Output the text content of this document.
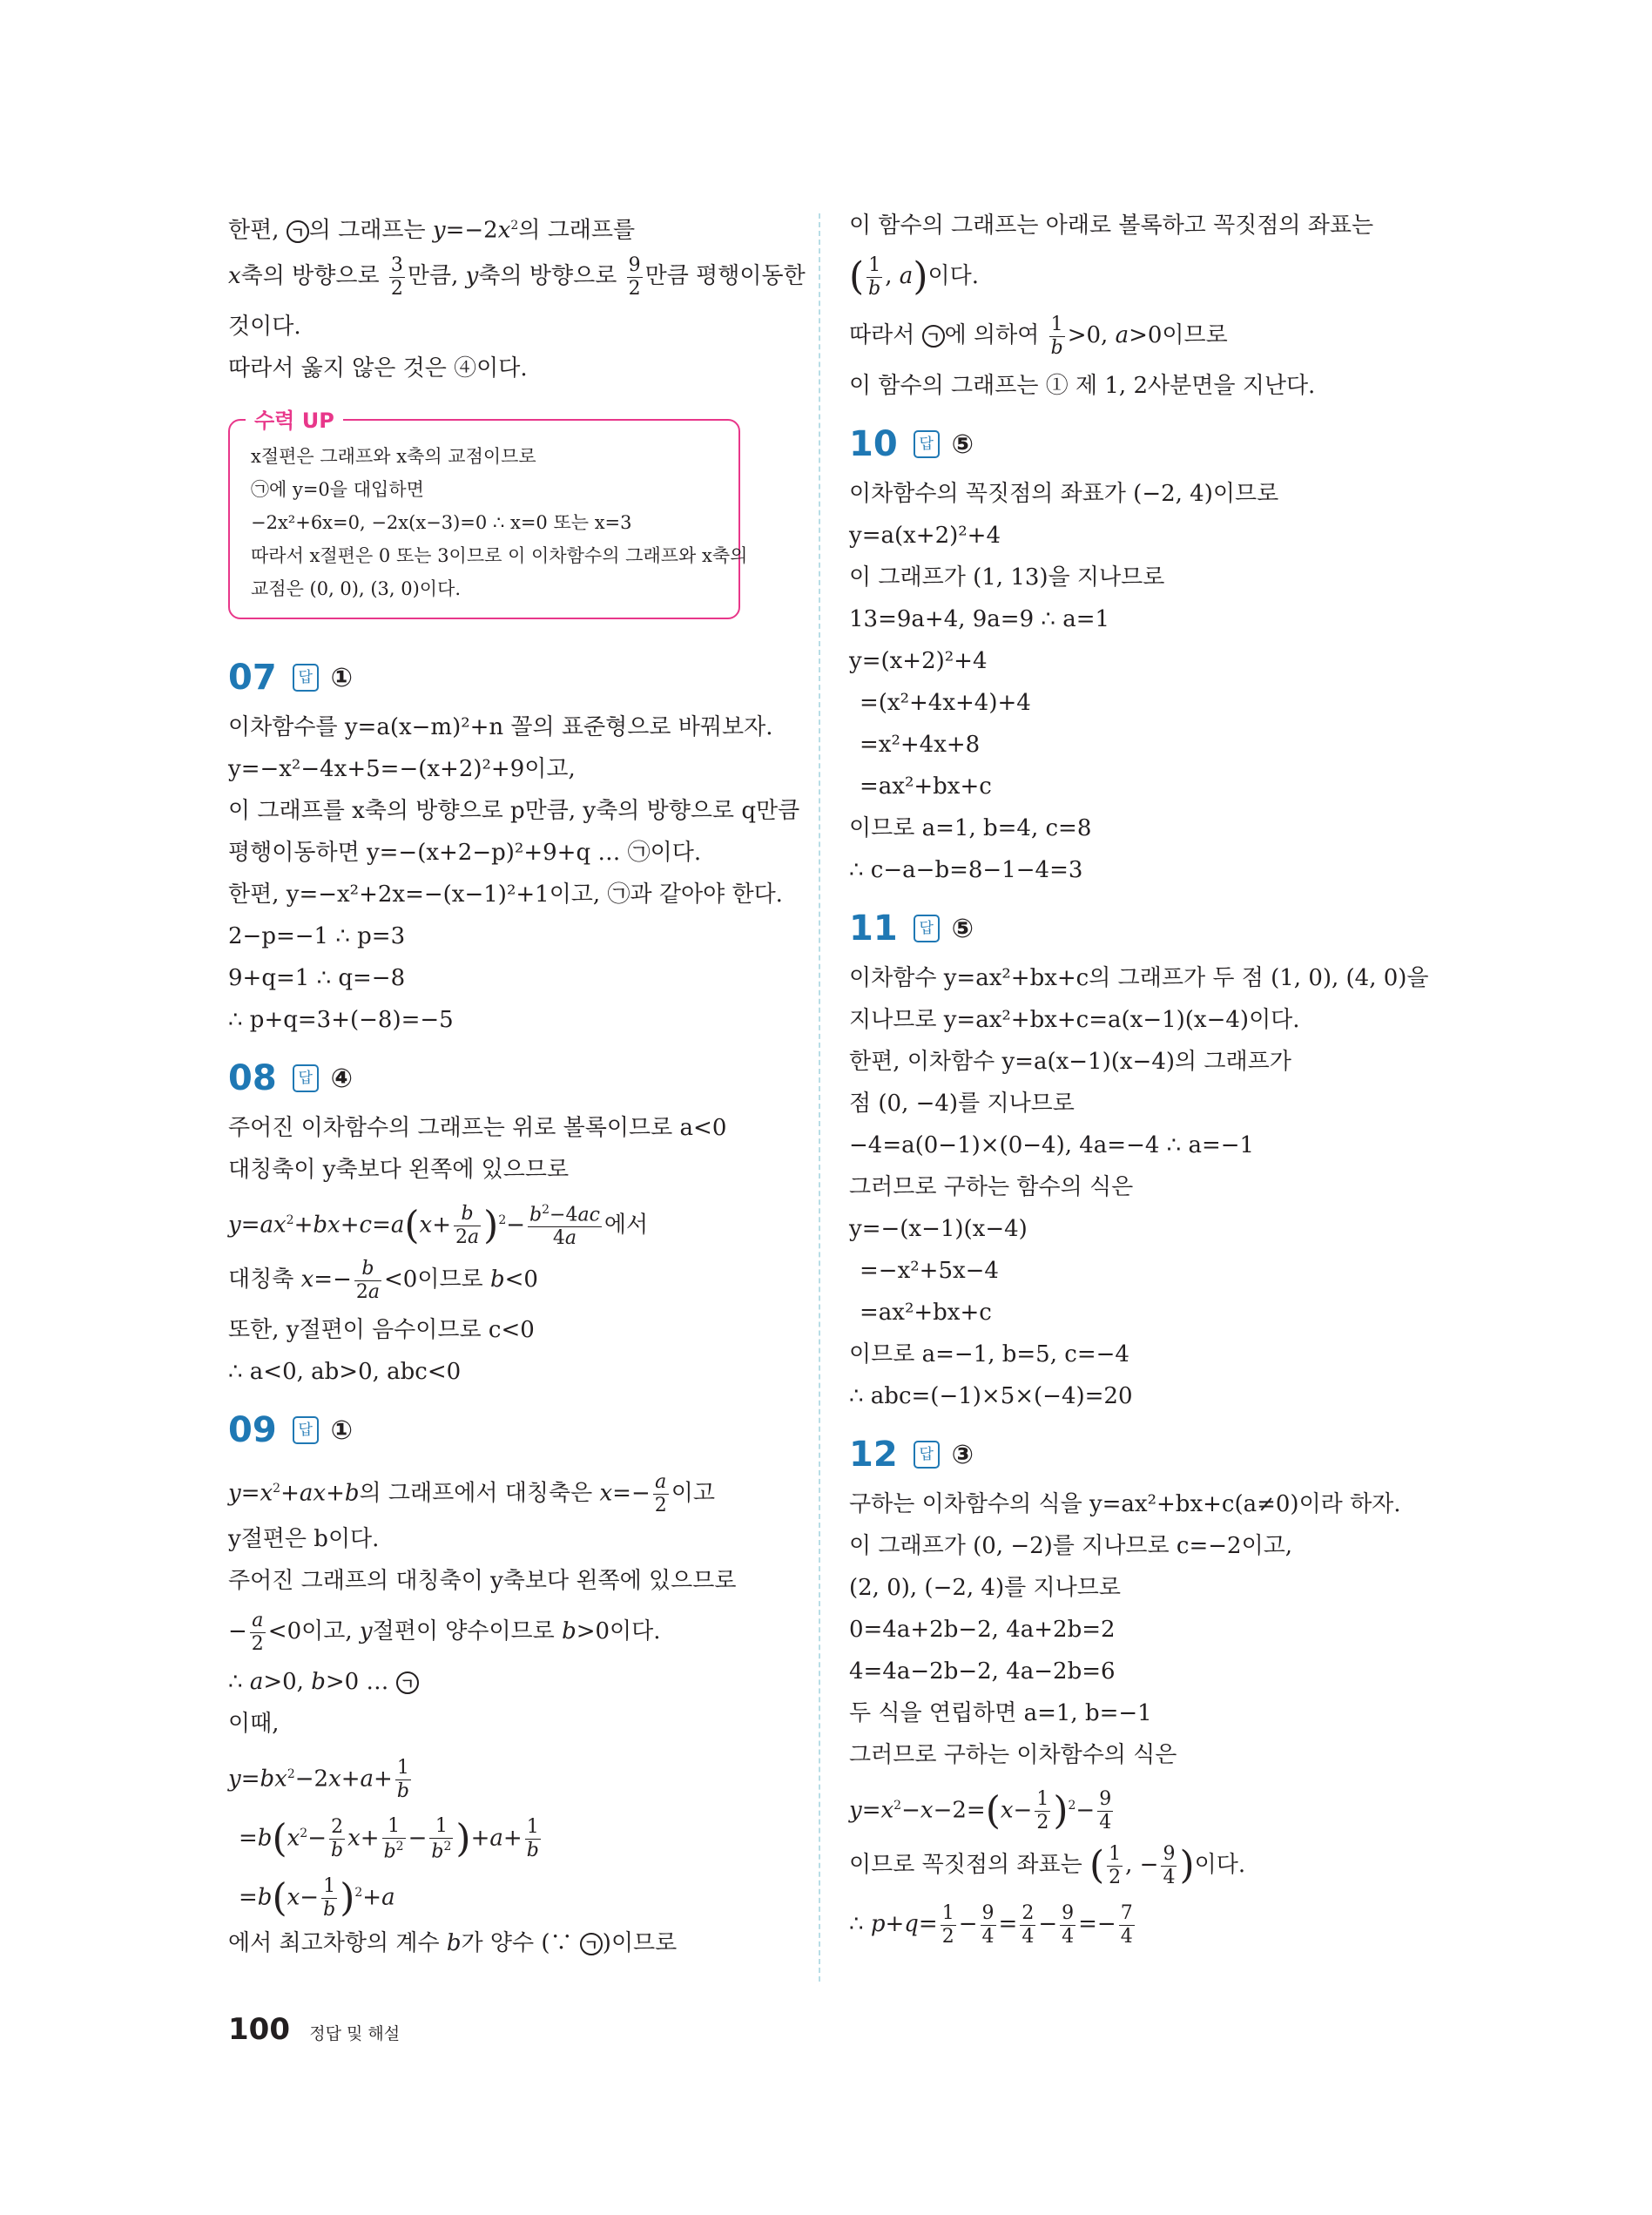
한편, ㄱ 의 그래프는 $y=-2x^2$의 그래프를
x축의 방향으로 $\frac{3}{2}$ 만큼, y축의 방향으로 $\frac{9}{2}$ 만큼 평행이동한
것이다.
따라서 옳지 않은 것은 ④이다.
수력 UP
x절편은 그래프와 x축의 교점이므로
㉠에 y=0을 대입하면
−2x²+6x=0, −2x(x−3)=0 ∴ x=0 또는 x=3
따라서 x절편은 0 또는 3이므로 이 이차함수의 그래프와 x축의
교점은 (0, 0), (3, 0)이다.
07	답 ①
이차함수를 y=a(x−m)²+n 꼴의 표준형으로 바꿔보자.
y=−x²−4x+5=−(x+2)²+9이고,
이 그래프를 x축의 방향으로 p만큼, y축의 방향으로 q만큼
평행이동하면 y=−(x+2−p)²+9+q … ㉠이다.
한편, y=−x²+2x=−(x−1)²+1이고, ㉠과 같아야 한다.
2−p=−1 ∴ p=3
9+q=1 ∴ q=−8
∴ p+q=3+(−8)=−5
08	답 ④
주어진 이차함수의 그래프는 위로 볼록이므로 a<0
대칭축이 y축보다 왼쪽에 있으므로
$y=ax^2+bx+c=a(x+ \frac{b}{2a} )^2- \frac{b^2-4ac}{4a}$ 에서
대칭축 $x=- \frac{b}{2a} <0$이므로 b<0
또한, y절편이 음수이므로 c<0
∴ a<0, ab>0, abc<0
09	답 ①
$y=x^2+ax+b$의 그래프에서 대칭축은 $x=- \frac{a}{2}$ 이고
y절편은 b이다.
주어진 그래프의 대칭축이 y축보다 왼쪽에 있으므로
− $\frac{a}{2} <0$이고, y절편이 양수이므로 b>0이다.
∴ a>0, b>0 … ㄱ
이때,
$y=bx^2-2x+a+ \frac{1}{b}$
$=b(x^2- \frac{2}{b} x+ \frac{1}{b^2} - \frac{1}{b^2} )+a+ \frac{1}{b}$
$=b(x- \frac{1}{b} )^2+a$
에서 최고차항의 계수 b가 양수 (∵ ㄱ )이므로
이 함수의 그래프는 아래로 볼록하고 꼭짓점의 좌표는
( $\frac{1}{b}$ , a)이다.
따라서 ㄱ 에 의하여 $\frac{1}{b} >0$, a>0이므로
이 함수의 그래프는 ① 제 1, 2사분면을 지난다.
10	답 ⑤
이차함수의 꼭짓점의 좌표가 (−2, 4)이므로
y=a(x+2)²+4
이 그래프가 (1, 13)을 지나므로
13=9a+4, 9a=9 ∴ a=1
y=(x+2)²+4
=(x²+4x+4)+4
=x²+4x+8
=ax²+bx+c
이므로 a=1, b=4, c=8
∴ c−a−b=8−1−4=3
11	답 ⑤
이차함수 y=ax²+bx+c의 그래프가 두 점 (1, 0), (4, 0)을
지나므로 y=ax²+bx+c=a(x−1)(x−4)이다.
한편, 이차함수 y=a(x−1)(x−4)의 그래프가
점 (0, −4)를 지나므로
−4=a(0−1)×(0−4), 4a=−4 ∴ a=−1
그러므로 구하는 함수의 식은
y=−(x−1)(x−4)
=−x²+5x−4
=ax²+bx+c
이므로 a=−1, b=5, c=−4
∴ abc=(−1)×5×(−4)=20
12	답 ③
구하는 이차함수의 식을 y=ax²+bx+c(a≠0)이라 하자.
이 그래프가 (0, −2)를 지나므로 c=−2이고,
(2, 0), (−2, 4)를 지나므로
0=4a+2b−2, 4a+2b=2
4=4a−2b−2, 4a−2b=6
두 식을 연립하면 a=1, b=−1
그러므로 구하는 이차함수의 식은
$y=x^2-x-2=(x- \frac{1}{2} )^2- \frac{9}{4}$
이므로 꼭짓점의 좌표는 ( $\frac{1}{2}$ , − $\frac{9}{4}$ )이다.
∴ $p+q= \frac{1}{2} - \frac{9}{4} = \frac{2}{4} - \frac{9}{4} =- \frac{7}{4}$
100 정답 및 해설
